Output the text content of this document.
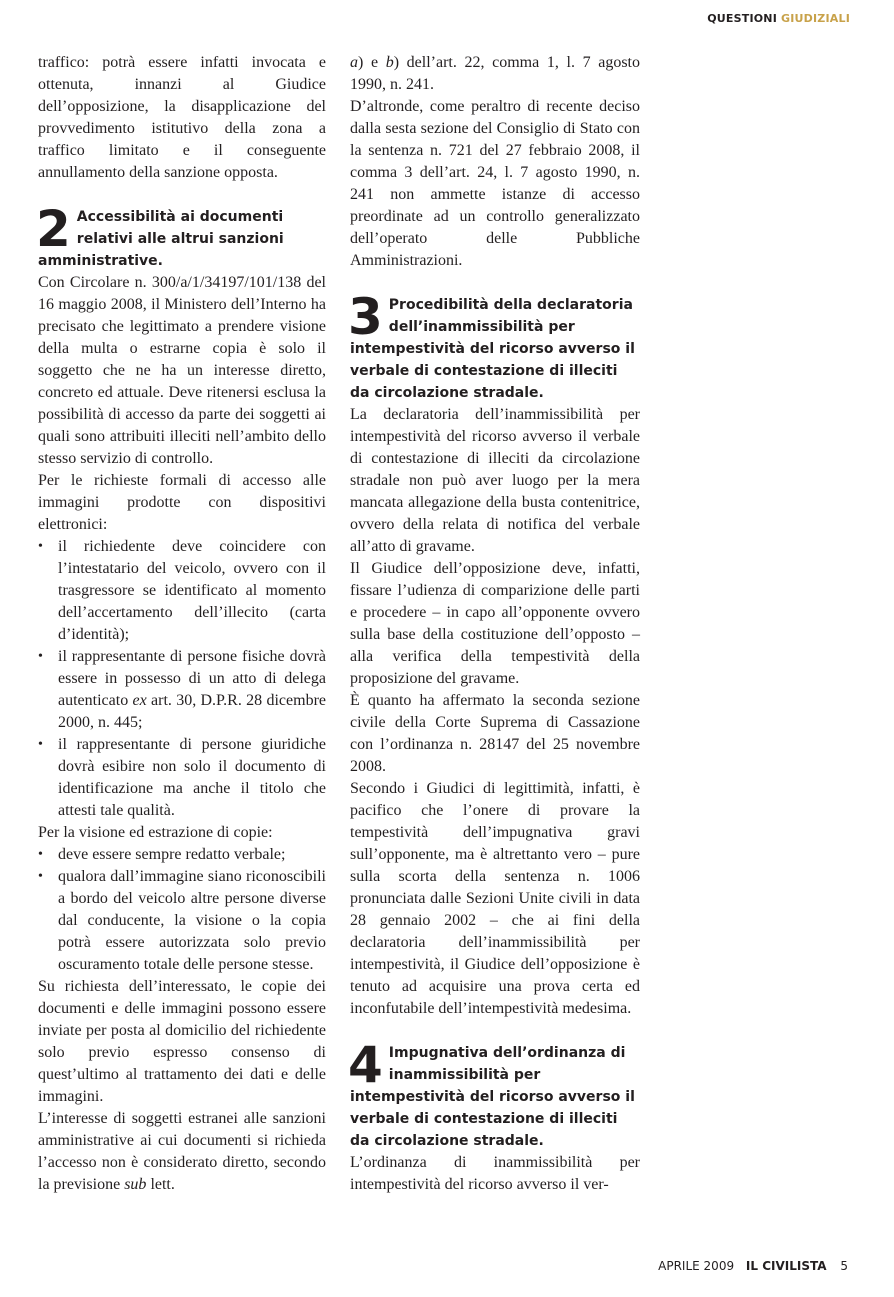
QUESTIONI GIUDIZIALI

traffico: potrà essere infatti invocata e ottenuta, innanzi al Giudice dell’opposizione, la disapplicazione del provvedimento istitutivo della zona a traffico limitato e il conseguente annullamento della sanzione opposta.

2 Accessibilità ai documenti relativi alle altrui sanzioni amministrative.

Con Circolare n. 300/a/1/34197/101/138 del 16 maggio 2008, il Ministero dell’Interno ha precisato che legittimato a prendere visione della multa o estrarne copia è solo il soggetto che ne ha un interesse diretto, concreto ed attuale. Deve ritenersi esclusa la possibilità di accesso da parte dei soggetti ai quali sono attribuiti illeciti nell’ambito dello stesso servizio di controllo.

Per le richieste formali di accesso alle immagini prodotte con dispositivi elettronici:

• il richiedente deve coincidere con l’intestatario del veicolo, ovvero con il trasgressore se identificato al momento dell’accertamento dell’illecito (carta d’identità);
• il rappresentante di persone fisiche dovrà essere in possesso di un atto di delega autenticato ex art. 30, D.P.R. 28 dicembre 2000, n. 445;
• il rappresentante di persone giuridiche dovrà esibire non solo il documento di identificazione ma anche il titolo che attesti tale qualità.

Per la visione ed estrazione di copie:

• deve essere sempre redatto verbale;
• qualora dall’immagine siano riconoscibili a bordo del veicolo altre persone diverse dal conducente, la visione o la copia potrà essere autorizzata solo previo oscuramento totale delle persone stesse.

Su richiesta dell’interessato, le copie dei documenti e delle immagini possono essere inviate per posta al domicilio del richiedente solo previo espresso consenso di quest’ultimo al trattamento dei dati e delle immagini.

L’interesse di soggetti estranei alle sanzioni amministrative ai cui documenti si richieda l’accesso non è considerato diretto, secondo la previsione sub lett.

a) e b) dell’art. 22, comma 1, l. 7 agosto 1990, n. 241.

D’altronde, come peraltro di recente deciso dalla sesta sezione del Consiglio di Stato con la sentenza n. 721 del 27 febbraio 2008, il comma 3 dell’art. 24, l. 7 agosto 1990, n. 241 non ammette istanze di accesso preordinate ad un controllo generalizzato dell’operato delle Pubbliche Amministrazioni.

3 Procedibilità della declaratoria dell’inammissibilità per intempestività del ricorso avverso il verbale di contestazione di illeciti da circolazione stradale.

La declaratoria dell’inammissibilità per intempestività del ricorso avverso il verbale di contestazione di illeciti da circolazione stradale non può aver luogo per la mera mancata allegazione della busta contenitrice, ovvero della relata di notifica del verbale all’atto di gravame.

Il Giudice dell’opposizione deve, infatti, fissare l’udienza di comparizione delle parti e procedere – in capo all’opponente ovvero sulla base della costituzione dell’opposto – alla verifica della tempestività della proposizione del gravame.

È quanto ha affermato la seconda sezione civile della Corte Suprema di Cassazione con l’ordinanza n. 28147 del 25 novembre 2008.

Secondo i Giudici di legittimità, infatti, è pacifico che l’onere di provare la tempestività dell’impugnativa gravi sull’opponente, ma è altrettanto vero – pure sulla scorta della sentenza n. 1006 pronunciata dalle Sezioni Unite civili in data 28 gennaio 2002 – che ai fini della declaratoria dell’inammissibilità per intempestività, il Giudice dell’opposizione è tenuto ad acquisire una prova certa ed inconfutabile dell’intempestività medesima.

4 Impugnativa dell’ordinanza di inammissibilità per intempestività del ricorso avverso il verbale di contestazione di illeciti da circolazione stradale.

L’ordinanza di inammissibilità per intempestività del ricorso avverso il ver-

APRILE 2009 IL CIVILISTA 5
